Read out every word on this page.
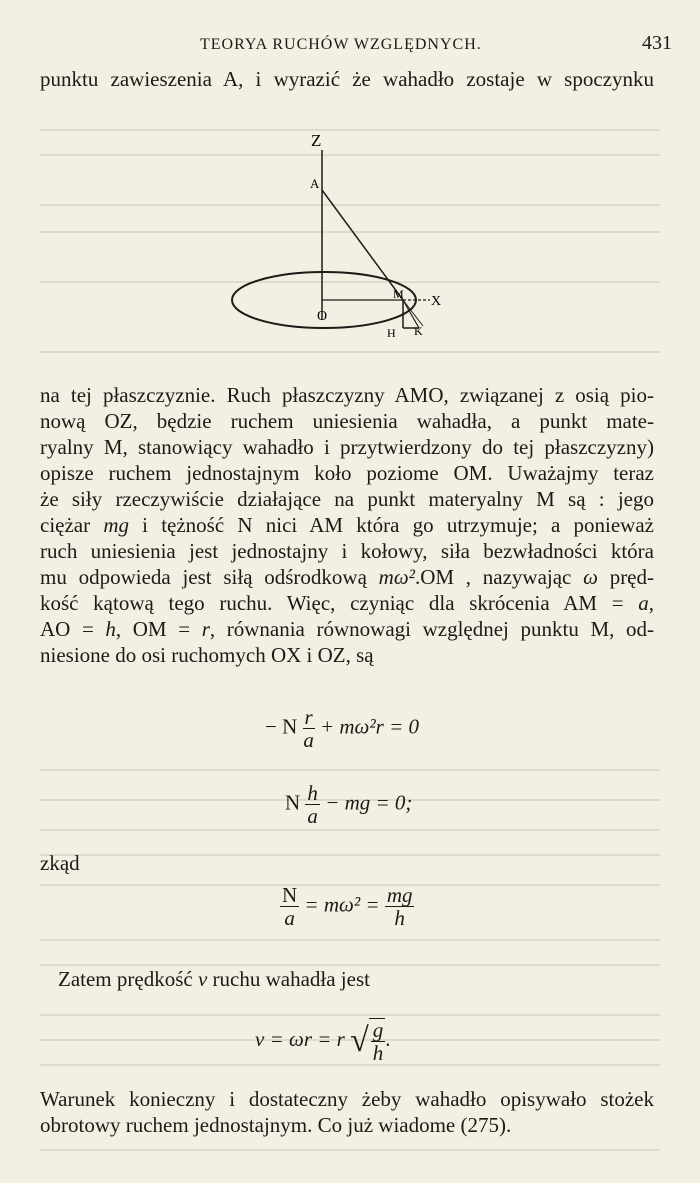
TEORYA RUCHÓW WZGLĘDNYCH.	431
punktu zawieszenia A, i wyrazić że wahadło zostaje w spoczynku
Z
A
O
M X
H K
na tej płaszczyznie. Ruch płaszczyzny AMO, związanej z osią pio-
nową OZ, będzie ruchem uniesienia wahadła, a punkt mate-
ryalny M, stanowiący wahadło i przytwierdzony do tej płaszczyzny)
opisze ruchem jednostajnym koło poziome OM. Uważajmy teraz
że siły rzeczywiście działające na punkt materyalny M są : jego
ciężar mg i tężność N nici AM która go utrzymuje; a ponieważ
ruch uniesienia jest jednostajny i kołowy, siła bezwładności która
mu odpowieda jest siłą odśrodkową mω².OM , nazywając ω pręd-
kość kątową tego ruchu. Więc, czyniąc dla skrócenia AM = a,
AO = h, OM = r, równania równowagi względnej punktu M, od-
niesione do osi ruchomych OX i OZ, są
− N $\frac{r}{a} + m\omega^2r = 0$
N $\frac{h}{a}$ − mg = 0;
zkąd
$\frac{N}{a} = m\omega^2 = \frac{mg}{h}$
Zatem prędkość v ruchu wahadła jest
v = ωr = r √ $\frac{g}{h}$ .
Warunek konieczny i dostateczny żeby wahadło opisywało stożek
obrotowy ruchem jednostajnym. Co już wiadome (275).
